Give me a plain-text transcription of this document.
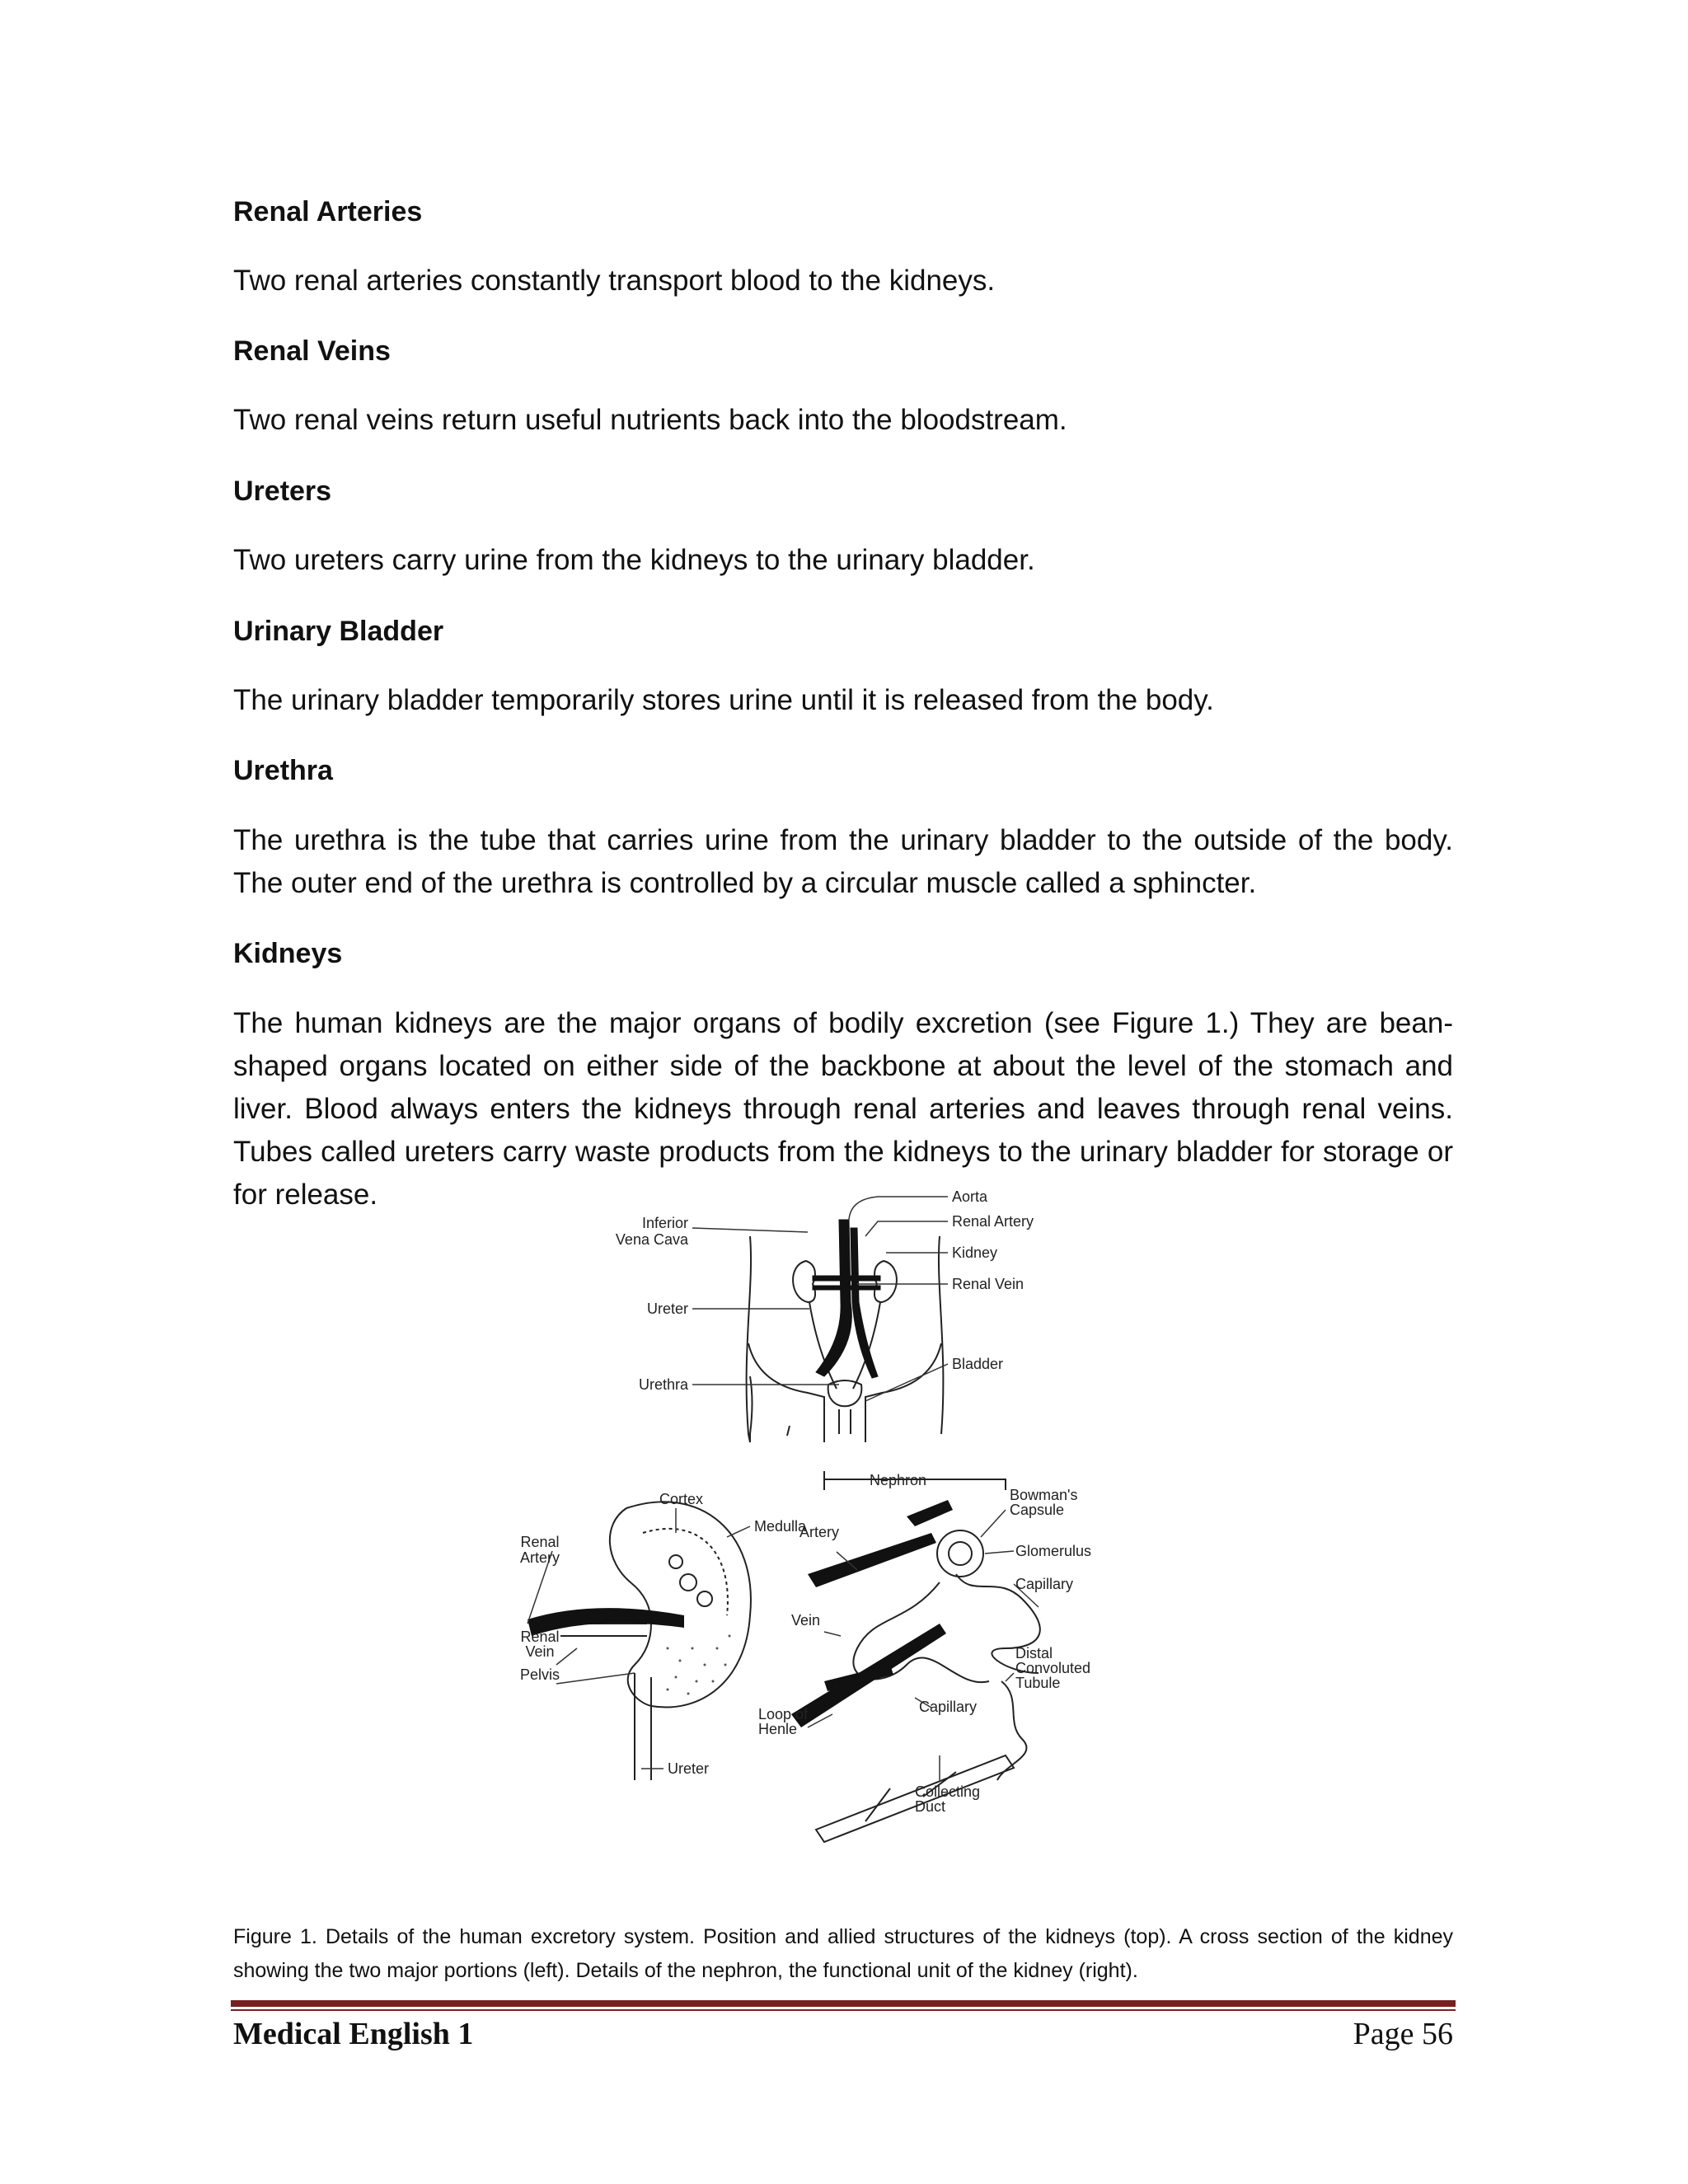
Renal Arteries

Two renal arteries constantly transport blood to the kidneys.

Renal Veins

Two renal veins return useful nutrients back into the bloodstream.

Ureters

Two ureters carry urine from the kidneys to the urinary bladder.

Urinary Bladder

The urinary bladder temporarily stores urine until it is released from the body.

Urethra

The urethra is the tube that carries urine from the urinary bladder to the outside of the body. The outer end of the urethra is controlled by a circular muscle called a sphincter.

Kidneys

The human kidneys are the major organs of bodily excretion (see Figure 1.) They are bean-shaped organs located on either side of the backbone at about the level of the stomach and liver. Blood always enters the kidneys through renal arteries and leaves through renal veins. Tubes called ureters carry waste products from the kidneys to the urinary bladder for storage or for release.	Aorta
Renal Artery
Kidney
Renal Vein
Bladder
Inferior
Vena Cava
Ureter
Urethra
Cortex
Medulla
Renal
Artery
Renal
Vein
Pelvis
Ureter
Nephron
Artery
Vein
Bowman's
Capsule
Glomerulus
Capillary
Distal
Convoluted
Tubule
Capillary
Loop of
Henle
Collecting
Duct

Figure 1. Details of the human excretory system. Position and allied structures of the kidneys (top). A cross section of the kidney showing the two major portions (left). Details of the nephron, the functional unit of the kidney (right).

Medical English 1	Page 56
